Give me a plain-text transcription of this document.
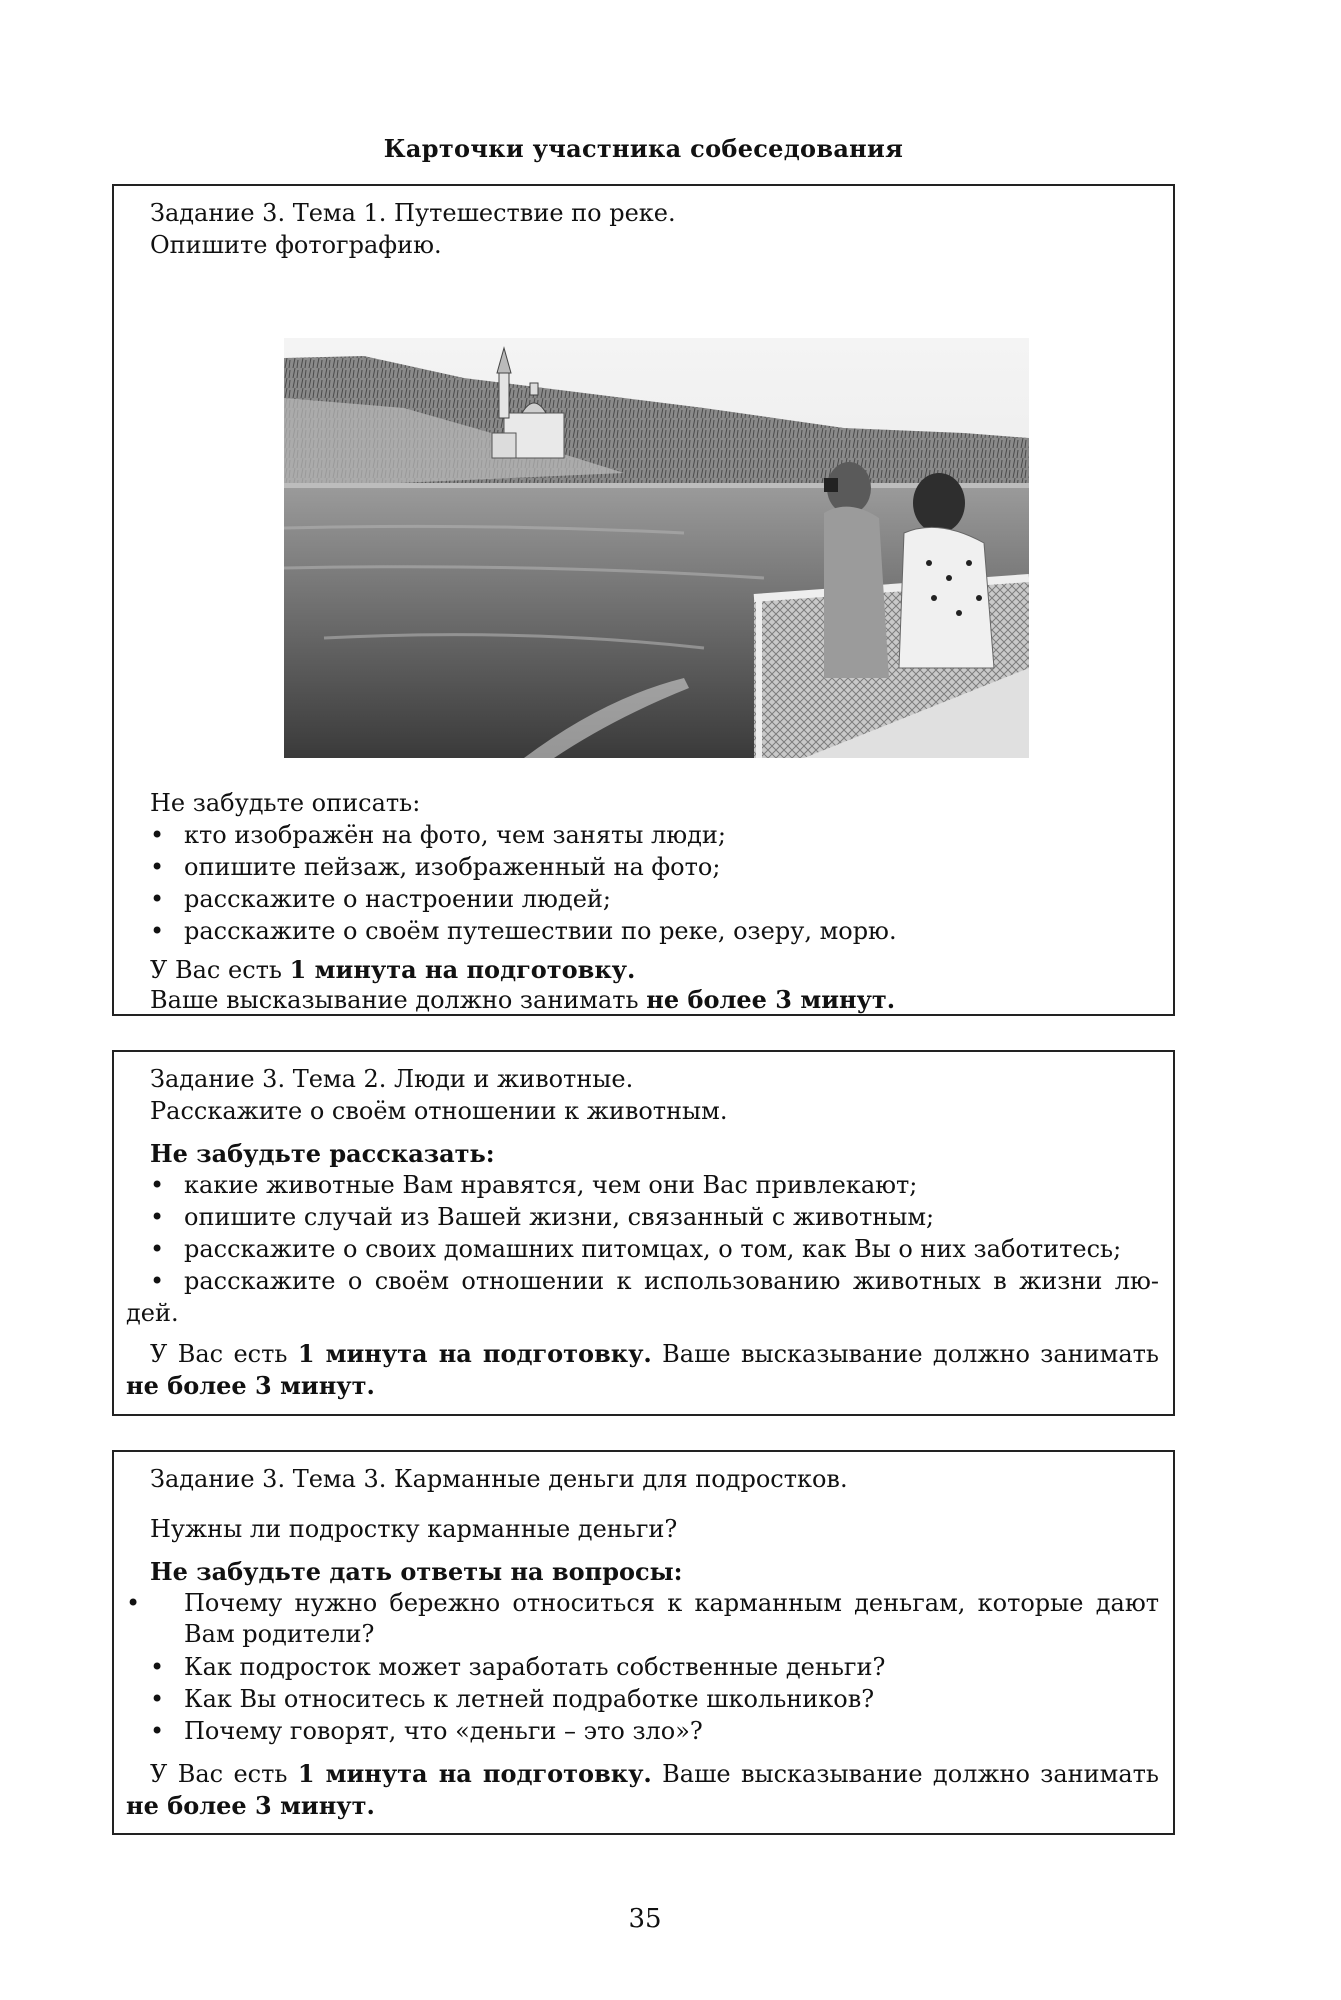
Карточки участника собеседования
Задание 3. Тема 1. Путешествие по реке.
Опишите фотографию.
Не забудьте описать:
• кто изображён на фото, чем заняты люди;
• опишите пейзаж, изображенный на фото;
• расскажите о настроении людей;
• расскажите о своём путешествии по реке, озеру, морю.
У Вас есть 1 минута на подготовку.
Ваше высказывание должно занимать не более 3 минут.
Задание 3. Тема 2. Люди и животные.
Расскажите о своём отношении к животным.
Не забудьте рассказать:
• какие животные Вам нравятся, чем они Вас привлекают;
• опишите случай из Вашей жизни, связанный с животным;
• расскажите о своих домашних питомцах, о том, как Вы о них заботитесь;
• расскажите о своём отношении к использованию животных в жизни лю-
дей.
У Вас есть 1 минута на подготовку. Ваше высказывание должно занимать
не более 3 минут.
Задание 3. Тема 3. Карманные деньги для подростков.
Нужны ли подростку карманные деньги?
Не забудьте дать ответы на вопросы:
•	Почему нужно бережно относиться к карманным деньгам, которые дают Вам родители?
• Как подросток может заработать собственные деньги?
• Как Вы относитесь к летней подработке школьников?
• Почему говорят, что «деньги – это зло»?
У Вас есть 1 минута на подготовку. Ваше высказывание должно занимать
не более 3 минут.
35
